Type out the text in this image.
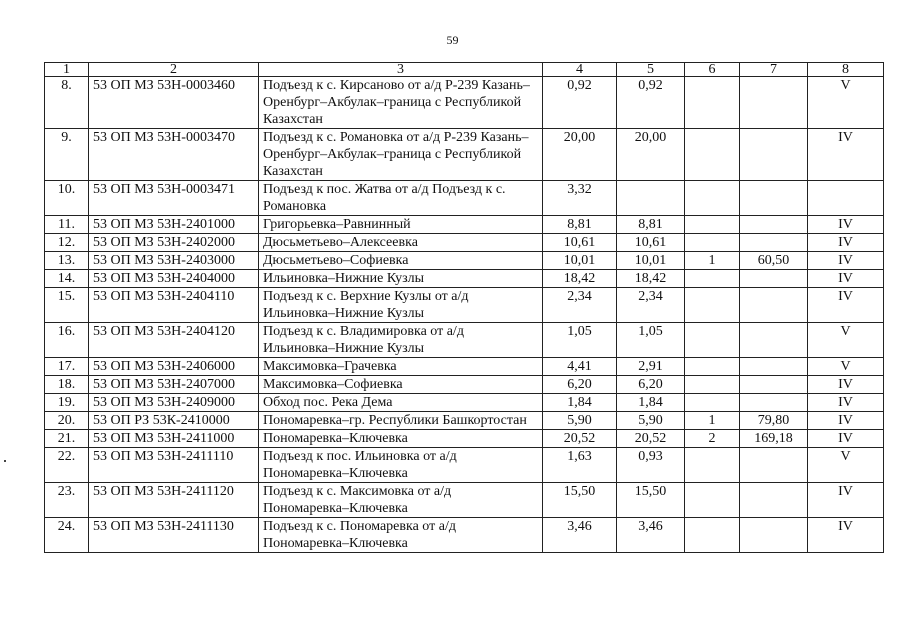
59
1	2	3	4	5	6	7	8
8.	53 ОП МЗ 53Н-0003460	Подъезд к с. Кирсаново от а/д Р-239 Казань–Оренбург–Акбулак–граница с Республикой Казахстан	0,92	0,92			V
9.	53 ОП МЗ 53Н-0003470	Подъезд к с. Романовка от а/д Р-239 Казань–Оренбург–Акбулак–граница с Республикой Казахстан	20,00	20,00			IV
10.	53 ОП МЗ 53Н-0003471	Подъезд к пос. Жатва от а/д Подъезд к с. Романовка	3,32				
11.	53 ОП МЗ 53Н-2401000	Григорьевка–Равнинный	8,81	8,81			IV
12.	53 ОП МЗ 53Н-2402000	Дюсьметьево–Алексеевка	10,61	10,61			IV
13.	53 ОП МЗ 53Н-2403000	Дюсьметьево–Софиевка	10,01	10,01	1	60,50	IV
14.	53 ОП МЗ 53Н-2404000	Ильиновка–Нижние Кузлы	18,42	18,42			IV
15.	53 ОП МЗ 53Н-2404110	Подъезд к с. Верхние Кузлы от а/д Ильиновка–Нижние Кузлы	2,34	2,34			IV
16.	53 ОП МЗ 53Н-2404120	Подъезд к с. Владимировка от а/д Ильиновка–Нижние Кузлы	1,05	1,05			V
17.	53 ОП МЗ 53Н-2406000	Максимовка–Грачевка	4,41	2,91			V
18.	53 ОП МЗ 53Н-2407000	Максимовка–Софиевка	6,20	6,20			IV
19.	53 ОП МЗ 53Н-2409000	Обход пос. Река Дема	1,84	1,84			IV
20.	53 ОП РЗ 53К-2410000	Пономаревка–гр. Республики Башкортостан	5,90	5,90	1	79,80	IV
21.	53 ОП МЗ 53Н-2411000	Пономаревка–Ключевка	20,52	20,52	2	169,18	IV
22.	53 ОП МЗ 53Н-2411110	Подъезд к пос. Ильиновка от а/д Пономаревка–Ключевка	1,63	0,93			V
23.	53 ОП МЗ 53Н-2411120	Подъезд к с. Максимовка от а/д Пономаревка–Ключевка	15,50	15,50			IV
24.	53 ОП МЗ 53Н-2411130	Подъезд к с. Пономаревка от а/д Пономаревка–Ключевка	3,46	3,46			IV
